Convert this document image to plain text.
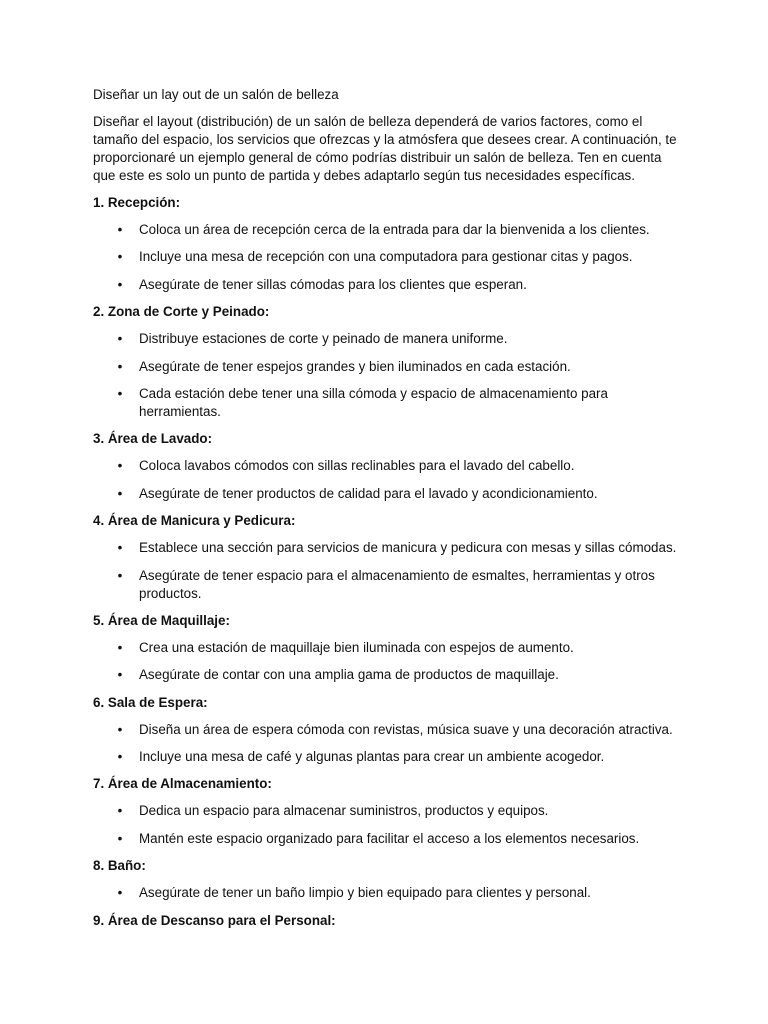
Diseñar un lay out de un salón de belleza

Diseñar el layout (distribución) de un salón de belleza dependerá de varios factores, como el tamaño del espacio, los servicios que ofrezcas y la atmósfera que desees crear. A continuación, te proporcionaré un ejemplo general de cómo podrías distribuir un salón de belleza. Ten en cuenta que este es solo un punto de partida y debes adaptarlo según tus necesidades específicas.

1. Recepción:

• Coloca un área de recepción cerca de la entrada para dar la bienvenida a los clientes.
• Incluye una mesa de recepción con una computadora para gestionar citas y pagos.
• Asegúrate de tener sillas cómodas para los clientes que esperan.

2. Zona de Corte y Peinado:

• Distribuye estaciones de corte y peinado de manera uniforme.
• Asegúrate de tener espejos grandes y bien iluminados en cada estación.
• Cada estación debe tener una silla cómoda y espacio de almacenamiento para herramientas.

3. Área de Lavado:

• Coloca lavabos cómodos con sillas reclinables para el lavado del cabello.
• Asegúrate de tener productos de calidad para el lavado y acondicionamiento.

4. Área de Manicura y Pedicura:

• Establece una sección para servicios de manicura y pedicura con mesas y sillas cómodas.
• Asegúrate de tener espacio para el almacenamiento de esmaltes, herramientas y otros productos.

5. Área de Maquillaje:

• Crea una estación de maquillaje bien iluminada con espejos de aumento.
• Asegúrate de contar con una amplia gama de productos de maquillaje.

6. Sala de Espera:

• Diseña un área de espera cómoda con revistas, música suave y una decoración atractiva.
• Incluye una mesa de café y algunas plantas para crear un ambiente acogedor.

7. Área de Almacenamiento:

• Dedica un espacio para almacenar suministros, productos y equipos.
• Mantén este espacio organizado para facilitar el acceso a los elementos necesarios.

8. Baño:

• Asegúrate de tener un baño limpio y bien equipado para clientes y personal.

9. Área de Descanso para el Personal:
